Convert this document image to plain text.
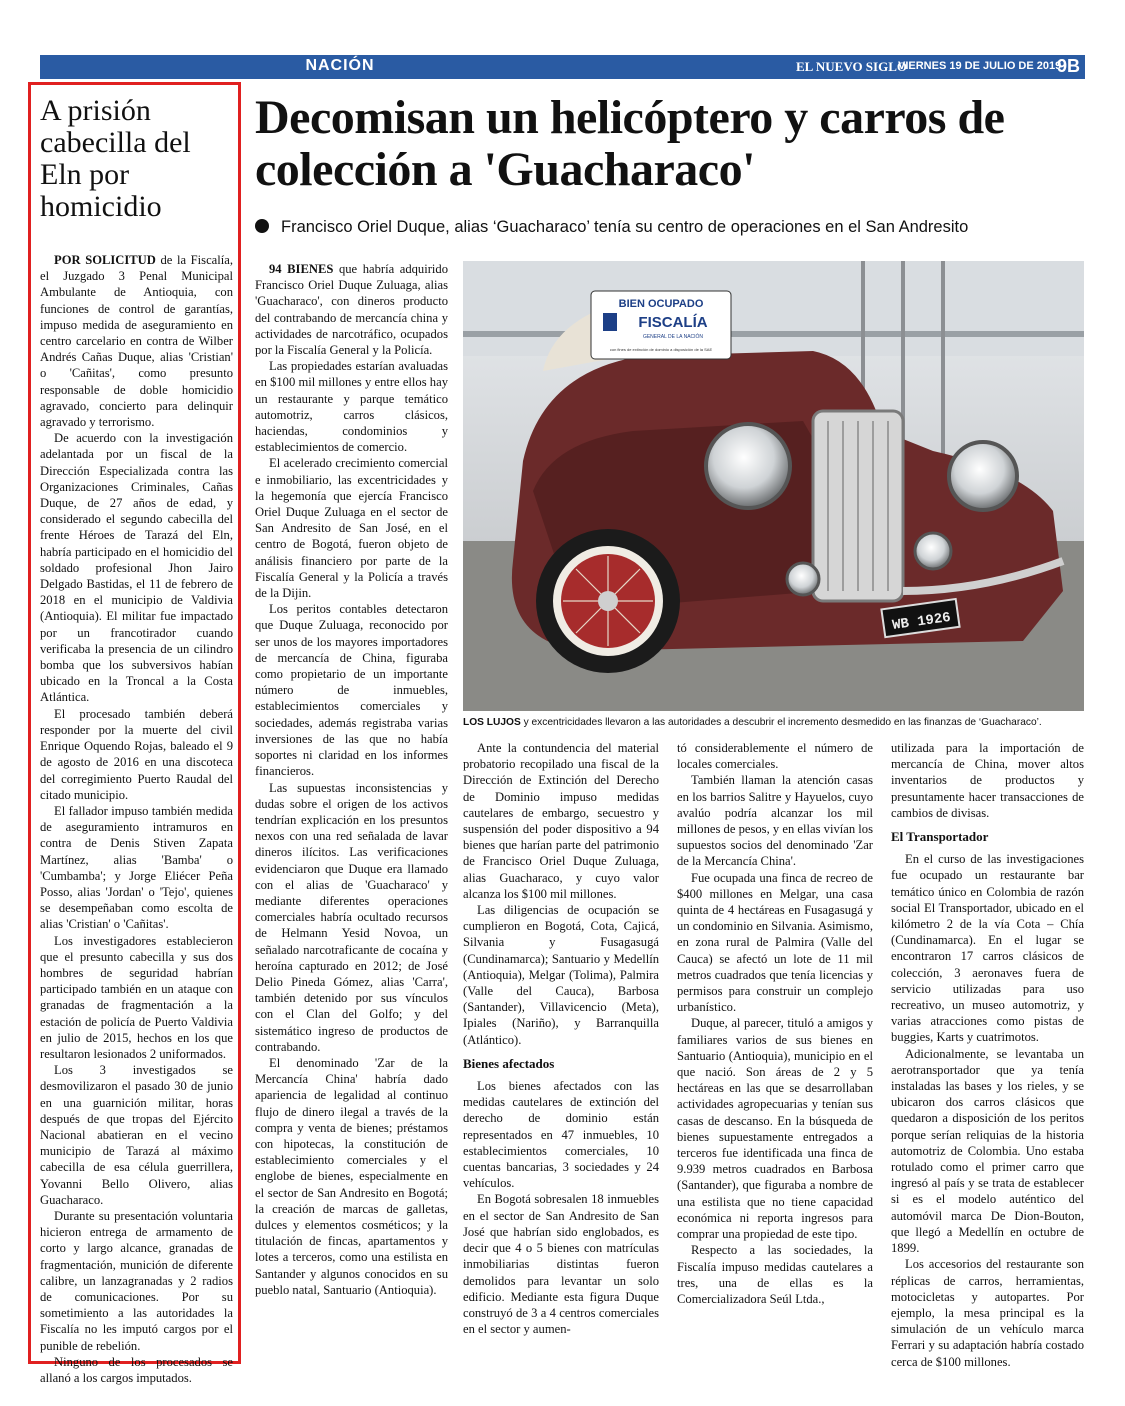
NACIÓN	EL NUEVO SIGLO
VIERNES 19 DE JULIO DE 2019
9B
A prisión cabecilla del Eln por homicidio

POR SOLICITUD de la Fiscalía, el Juzgado 3 Penal Municipal Ambulante de Antioquia, con funciones de control de garantías, impuso medida de aseguramiento en centro carcelario en contra de Wilber Andrés Cañas Duque, alias 'Cristian' o 'Cañitas', como presunto responsable de doble homicidio agravado, concierto para delinquir agravado y terrorismo.

De acuerdo con la investigación adelantada por un fiscal de la Dirección Especializada contra las Organizaciones Criminales, Cañas Duque, de 27 años de edad, y considerado el segundo cabecilla del frente Héroes de Tarazá del Eln, habría participado en el homicidio del soldado profesional Jhon Jairo Delgado Bastidas, el 11 de febrero de 2018 en el municipio de Valdivia (Antioquia). El militar fue impactado por un francotirador cuando verificaba la presencia de un cilindro bomba que los subversivos habían ubicado en la Troncal a la Costa Atlántica.

El procesado también deberá responder por la muerte del civil Enrique Oquendo Rojas, baleado el 9 de agosto de 2016 en una discoteca del corregimiento Puerto Raudal del citado municipio.

El fallador impuso también medida de aseguramiento intramuros en contra de Denis Stiven Zapata Martínez, alias 'Bamba' o 'Cumbamba'; y Jorge Eliécer Peña Posso, alias 'Jordan' o 'Tejo', quienes se desempeñaban como escolta de alias 'Cristian' o 'Cañitas'.

Los investigadores establecieron que el presunto cabecilla y sus dos hombres de seguridad habrían participado también en un ataque con granadas de fragmentación a la estación de policía de Puerto Valdivia en julio de 2015, hechos en los que resultaron lesionados 2 uniformados.

Los 3 investigados se desmovilizaron el pasado 30 de junio en una guarnición militar, horas después de que tropas del Ejército Nacional abatieran en el vecino municipio de Tarazá al máximo cabecilla de esa célula guerrillera, Yovanni Bello Olivero, alias Guacharaco.

Durante su presentación voluntaria hicieron entrega de armamento de corto y largo alcance, granadas de fragmentación, munición de diferente calibre, un lanzagranadas y 2 radios de comunicaciones. Por su sometimiento a las autoridades la Fiscalía no les imputó cargos por el punible de rebelión.

Ninguno de los procesados se allanó a los cargos imputados.

Decomisan un helicóptero y carros de colección a 'Guacharaco'
Francisco Oriel Duque, alias ‘Guacharaco’ tenía su centro de operaciones en el San Andresito

94 BIENES que habría adquirido Francisco Oriel Duque Zuluaga, alias 'Guacharaco', con dineros producto del contrabando de mercancía china y actividades de narcotráfico, ocupados por la Fiscalía General y la Policía.

Las propiedades estarían avaluadas en $100 mil millones y entre ellos hay un restaurante y parque temático automotriz, carros clásicos, haciendas, condominios y establecimientos de comercio.

El acelerado crecimiento comercial e inmobiliario, las excentricidades y la hegemonía que ejercía Francisco Oriel Duque Zuluaga en el sector de San Andresito de San José, en el centro de Bogotá, fueron objeto de análisis financiero por parte de la Fiscalía General y la Policía a través de la Dijin.

Los peritos contables detectaron que Duque Zuluaga, reconocido por ser unos de los mayores importadores de mercancía de China, figuraba como propietario de un importante número de inmuebles, establecimientos comerciales y sociedades, además registraba varias inversiones de las que no había soportes ni claridad en los informes financieros.

Las supuestas inconsistencias y dudas sobre el origen de los activos tendrían explicación en los presuntos nexos con una red señalada de lavar dineros ilícitos. Las verificaciones evidenciaron que Duque era llamado con el alias de 'Guacharaco' y mediante diferentes operaciones comerciales habría ocultado recursos de Helmann Yesid Novoa, un señalado narcotraficante de cocaína y heroína capturado en 2012; de José Delio Pineda Gómez, alias 'Carra', también detenido por sus vínculos con el Clan del Golfo; y del sistemático ingreso de productos de contrabando.

El denominado 'Zar de la Mercancía China' habría dado apariencia de legalidad al continuo flujo de dinero ilegal a través de la compra y venta de bienes; préstamos con hipotecas, la constitución de establecimiento comerciales y el englobe de bienes, especialmente en el sector de San Andresito en Bogotá; la creación de marcas de galletas, dulces y elementos cosméticos; y la titulación de fincas, apartamentos y lotes a terceros, como una estilista en Santander y algunos conocidos en su pueblo natal, Santuario (Antioquia).

BIEN OCUPADO
FISCALÍA
GENERAL DE LA NACIÓN
con fines de extinción de dominio a disposición de la SAE
WB 1926
LOS LUJOS y excentricidades llevaron a las autoridades a descubrir el incremento desmedido en las finanzas de ‘Guacharaco’.

Ante la contundencia del material probatorio recopilado una fiscal de la Dirección de Extinción del Derecho de Dominio impuso medidas cautelares de embargo, secuestro y suspensión del poder dispositivo a 94 bienes que harían parte del patrimonio de Francisco Oriel Duque Zuluaga, alias Guacharaco, y cuyo valor alcanza los $100 mil millones.

Las diligencias de ocupación se cumplieron en Bogotá, Cota, Cajicá, Silvania y Fusagasugá (Cundinamarca); Santuario y Medellín (Antioquia), Melgar (Tolima), Palmira (Valle del Cauca), Barbosa (Santander), Villavicencio (Meta), Ipiales (Nariño), y Barranquilla (Atlántico).

Bienes afectados

Los bienes afectados con las medidas cautelares de extinción del derecho de dominio están representados en 47 inmuebles, 10 establecimientos comerciales, 10 cuentas bancarias, 3 sociedades y 24 vehículos.

En Bogotá sobresalen 18 inmuebles en el sector de San Andresito de San José que habrían sido englobados, es decir que 4 o 5 bienes con matrículas inmobiliarias distintas fueron demolidos para levantar un solo edificio. Mediante esta figura Duque construyó de 3 a 4 centros comerciales en el sector y aumen-

tó considerablemente el número de locales comerciales.

También llaman la atención casas en los barrios Salitre y Hayuelos, cuyo avalúo podría alcanzar los mil millones de pesos, y en ellas vivían los supuestos socios del denominado 'Zar de la Mercancía China'.

Fue ocupada una finca de recreo de $400 millones en Melgar, una casa quinta de 4 hectáreas en Fusagasugá y un condominio en Silvania. Asimismo, en zona rural de Palmira (Valle del Cauca) se afectó un lote de 11 mil metros cuadrados que tenía licencias y permisos para construir un complejo urbanístico.

Duque, al parecer, tituló a amigos y familiares varios de sus bienes en Santuario (Antioquia), municipio en el que nació. Son áreas de 2 y 5 hectáreas en las que se desarrollaban actividades agropecuarias y tenían sus casas de descanso. En la búsqueda de bienes supuestamente entregados a terceros fue identificada una finca de 9.939 metros cuadrados en Barbosa (Santander), que figuraba a nombre de una estilista que no tiene capacidad económica ni reporta ingresos para comprar una propiedad de este tipo.

Respecto a las sociedades, la Fiscalía impuso medidas cautelares a tres, una de ellas es la Comercializadora Seúl Ltda.,

utilizada para la importación de mercancía de China, mover altos inventarios de productos y presuntamente hacer transacciones de cambios de divisas.

El Transportador

En el curso de las investigaciones fue ocupado un restaurante bar temático único en Colombia de razón social El Transportador, ubicado en el kilómetro 2 de la vía Cota – Chía (Cundinamarca). En el lugar se encontraron 17 carros clásicos de colección, 3 aeronaves fuera de servicio utilizadas para uso recreativo, un museo automotriz, y varias atracciones como pistas de buggies, Karts y cuatrimotos.

Adicionalmente, se levantaba un aerotransportador que ya tenía instaladas las bases y los rieles, y se ubicaron dos carros clásicos que quedaron a disposición de los peritos porque serían reliquias de la historia automotriz de Colombia. Uno estaba rotulado como el primer carro que ingresó al país y se trata de establecer si es el modelo auténtico del automóvil marca De Dion-Bouton, que llegó a Medellín en octubre de 1899.

Los accesorios del restaurante son réplicas de carros, herramientas, motocicletas y autopartes. Por ejemplo, la mesa principal es la simulación de un vehículo marca Ferrari y su adaptación habría costado cerca de $100 millones.
